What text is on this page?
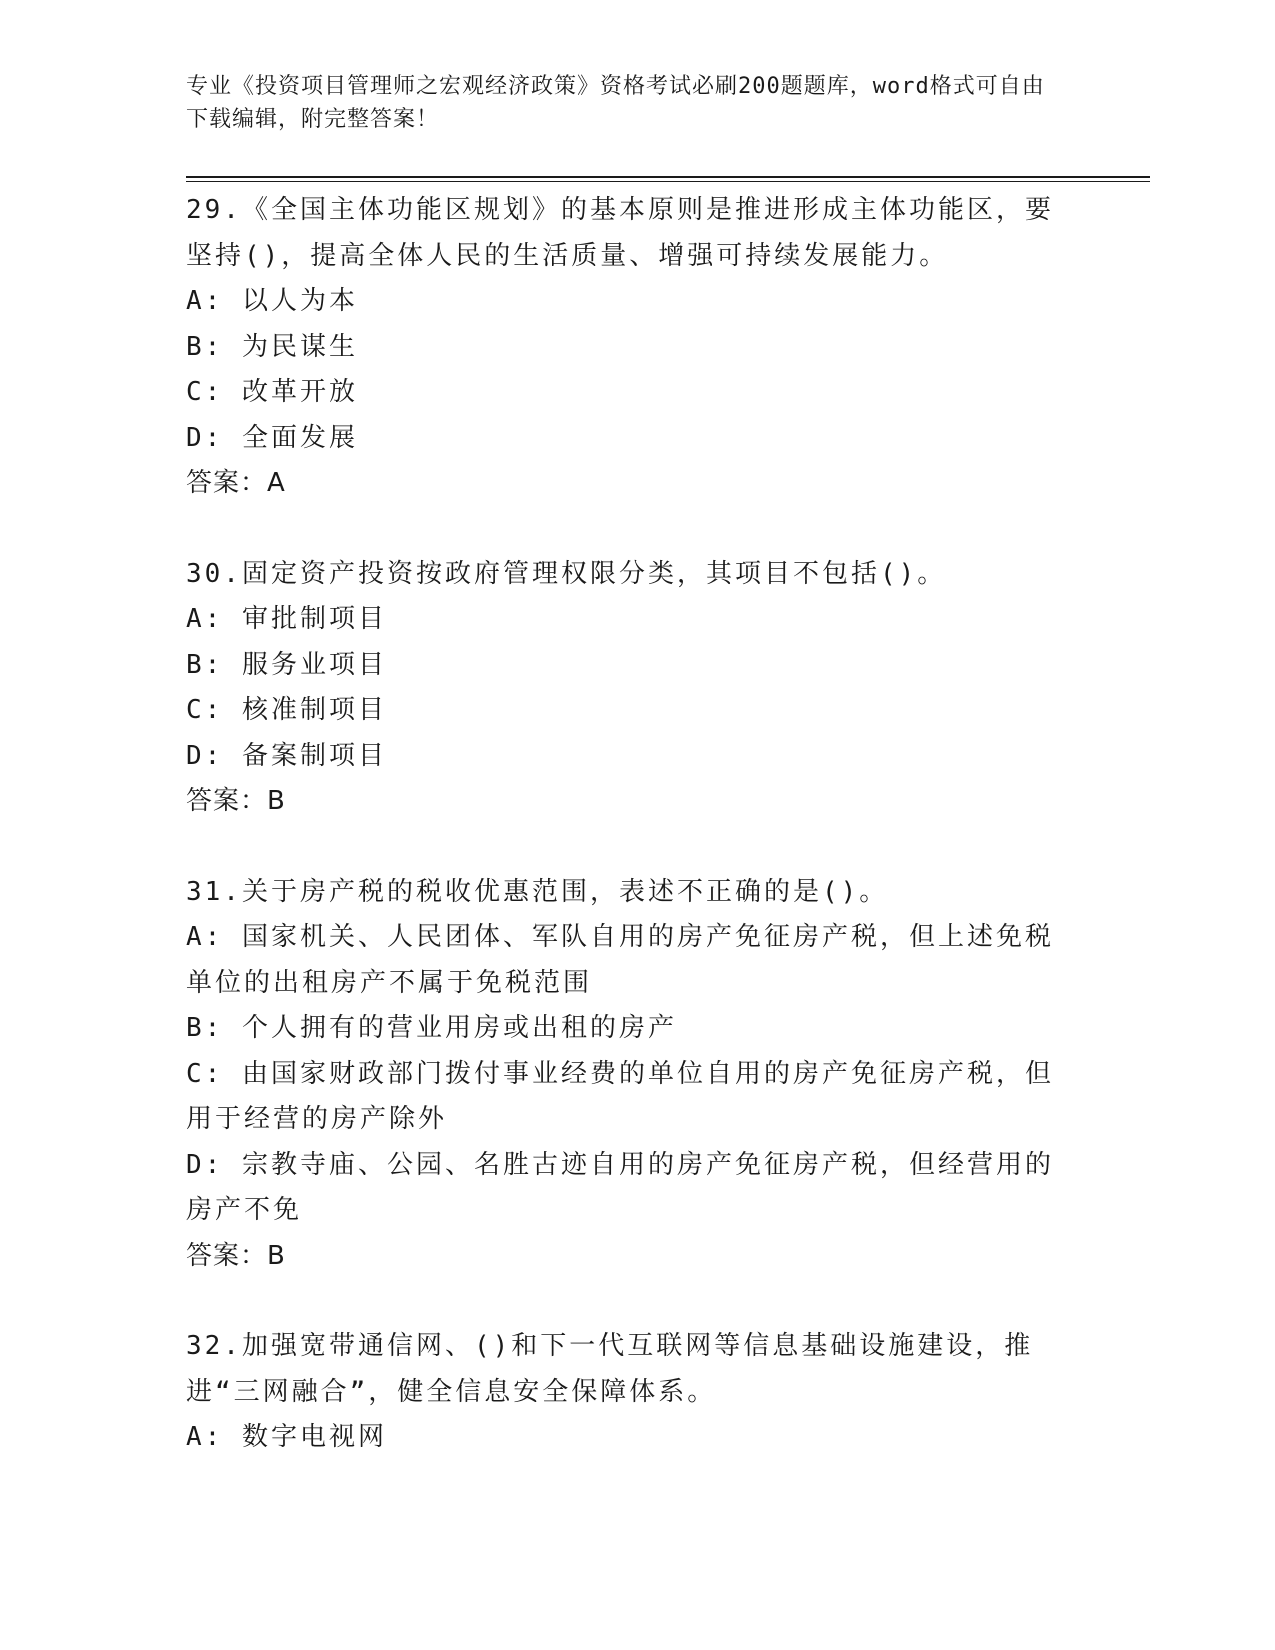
专业《投资项目管理师之宏观经济政策》资格考试必刷200题题库，word格式可自由下载编辑，附完整答案！

29.《全国主体功能区规划》的基本原则是推进形成主体功能区，要坚持()，提高全体人民的生活质量、增强可持续发展能力。

A: 以人为本

B: 为民谋生

C: 改革开放

D: 全面发展

答案：A

30.固定资产投资按政府管理权限分类，其项目不包括()。

A: 审批制项目

B: 服务业项目

C: 核准制项目

D: 备案制项目

答案：B

31.关于房产税的税收优惠范围，表述不正确的是()。

A: 国家机关、人民团体、军队自用的房产免征房产税，但上述免税单位的出租房产不属于免税范围

B: 个人拥有的营业用房或出租的房产

C: 由国家财政部门拨付事业经费的单位自用的房产免征房产税，但用于经营的房产除外

D: 宗教寺庙、公园、名胜古迹自用的房产免征房产税，但经营用的房产不免

答案：B

32.加强宽带通信网、()和下一代互联网等信息基础设施建设，推进“三网融合”，健全信息安全保障体系。

A: 数字电视网
